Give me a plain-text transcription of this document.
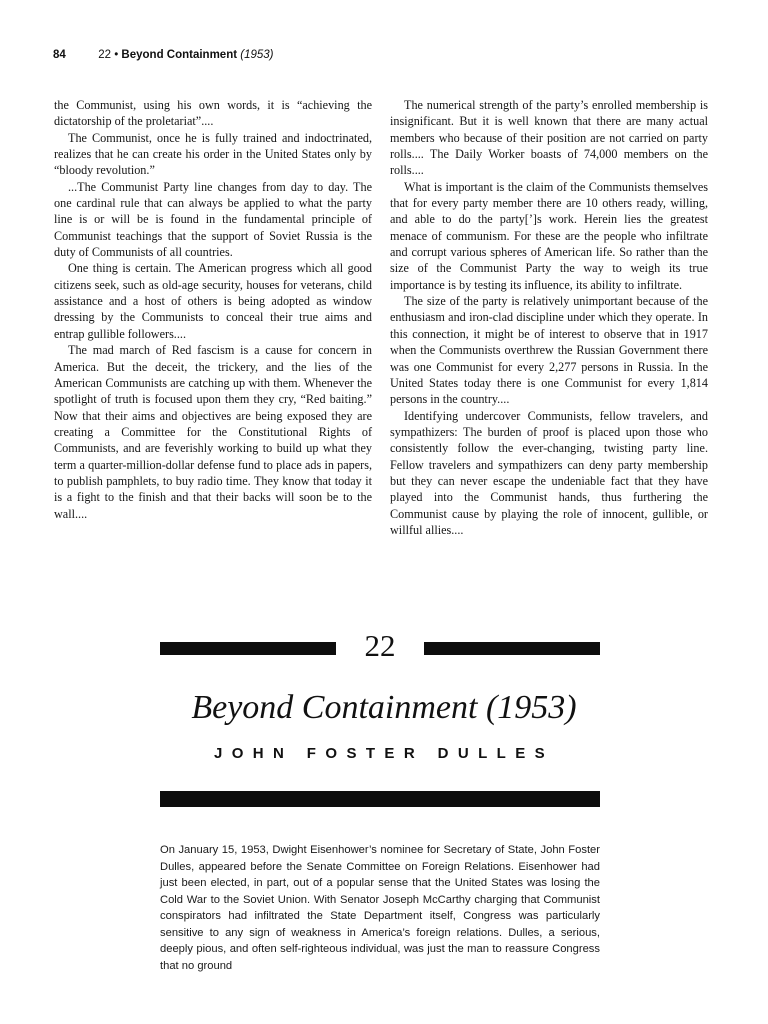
84	22 • Beyond Containment (1953)

the Communist, using his own words, it is “achieving the dictatorship of the proletariat”....

The Communist, once he is fully trained and indoctrinated, realizes that he can create his order in the United States only by “bloody revolution.”

...The Communist Party line changes from day to day. The one cardinal rule that can always be applied to what the party line is or will be is found in the fundamental principle of Communist teachings that the support of Soviet Russia is the duty of Communists of all countries.

One thing is certain. The American progress which all good citizens seek, such as old-age security, houses for veterans, child assistance and a host of others is being adopted as window dressing by the Communists to conceal their true aims and entrap gullible followers....

The mad march of Red fascism is a cause for concern in America. But the deceit, the trickery, and the lies of the American Communists are catching up with them. Whenever the spotlight of truth is focused upon them they cry, “Red baiting.” Now that their aims and objectives are being exposed they are creating a Committee for the Constitutional Rights of Communists, and are feverishly working to build up what they term a quarter-million-dollar defense fund to place ads in papers, to publish pamphlets, to buy radio time. They know that today it is a fight to the finish and that their backs will soon be to the wall....

The numerical strength of the party’s enrolled membership is insignificant. But it is well known that there are many actual members who because of their position are not carried on party rolls.... The Daily Worker boasts of 74,000 members on the rolls....

What is important is the claim of the Communists themselves that for every party member there are 10 others ready, willing, and able to do the party[’]s work. Herein lies the greatest menace of communism. For these are the people who infiltrate and corrupt various spheres of American life. So rather than the size of the Communist Party the way to weigh its true importance is by testing its influence, its ability to infiltrate.

The size of the party is relatively unimportant because of the enthusiasm and iron-clad discipline under which they operate. In this connection, it might be of interest to observe that in 1917 when the Communists overthrew the Russian Government there was one Communist for every 2,277 persons in Russia. In the United States today there is one Communist for every 1,814 persons in the country....

Identifying undercover Communists, fellow travelers, and sympathizers: The burden of proof is placed upon those who consistently follow the ever-changing, twisting party line. Fellow travelers and sympathizers can deny party membership but they can never escape the undeniable fact that they have played into the Communist hands, thus furthering the Communist cause by playing the role of innocent, gullible, or willful allies....

22
Beyond Containment (1953)
JOHN FOSTER DULLES

On January 15, 1953, Dwight Eisenhower’s nominee for Secretary of State, John Foster Dulles, appeared before the Senate Committee on Foreign Relations. Eisenhower had just been elected, in part, out of a popular sense that the United States was losing the Cold War to the Soviet Union. With Senator Joseph McCarthy charging that Communist conspirators had infiltrated the State Department itself, Congress was particularly sensitive to any sign of weakness in America’s foreign relations. Dulles, a serious, deeply pious, and often self-righteous individual, was just the man to reassure Congress that no ground
